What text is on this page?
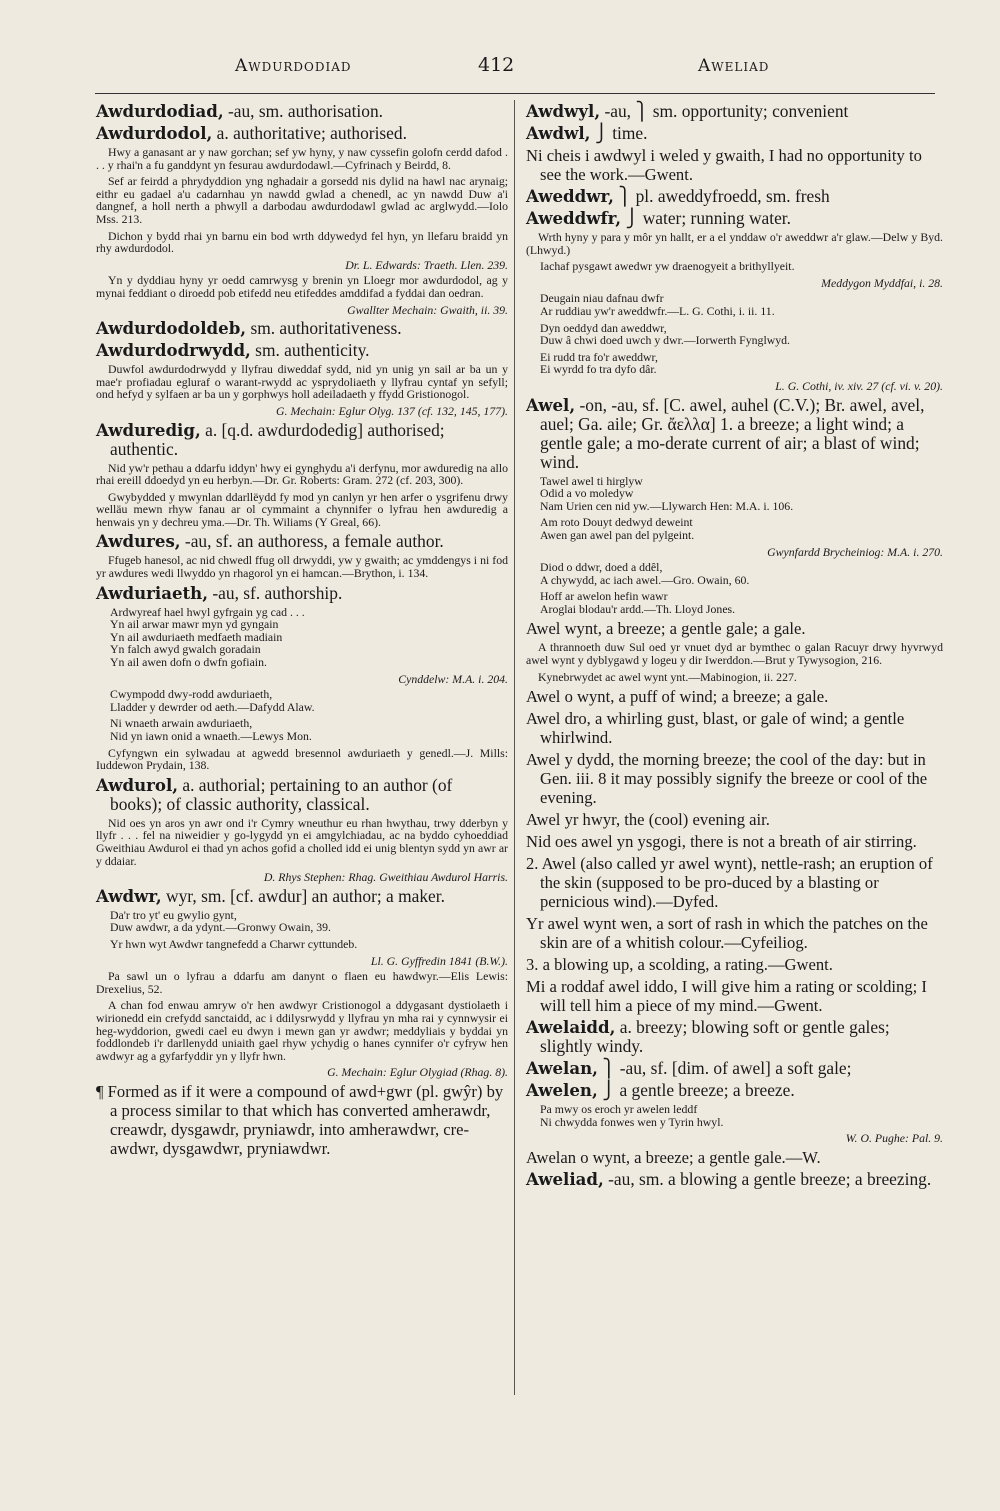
Awdurdodiad	412	Aweliad
Awdurdodiad, -au, sm. authorisation.
Awdurdodol, a. authoritative; authorised.
Hwy a ganasant ar y naw gorchan; sef yw hyny, y naw cyssefin golofn cerdd dafod . . . y rhai'n a fu ganddynt yn fesurau awdurdodawl.—Cyfrinach y Beirdd, 8.
Sef ar feirdd a phrydyddion yng nghadair a gorsedd nis dylid na hawl nac arynaig; eithr eu gadael a'u cadarnhau yn nawdd gwlad a chenedl, ac yn nawdd Duw a'i dangnef, a holl nerth a phwyll a darbodau awdurdodawl gwlad ac arglwydd.—Iolo Mss. 213.
Dichon y bydd rhai yn barnu ein bod wrth ddywedyd fel hyn, yn llefaru braidd yn rhy awdurdodol.
Dr. L. Edwards: Traeth. Llen. 239.
Yn y dyddiau hyny yr oedd camrwysg y brenin yn Lloegr mor awdurdodol, ag y mynai feddiant o diroedd pob etifedd neu etifeddes amddifad a fyddai dan oedran.
Gwallter Mechain: Gwaith, ii. 39.
Awdurdodoldeb, sm. authoritativeness.
Awdurdodrwydd, sm. authenticity.
Duwfol awdurdodrwydd y llyfrau diweddaf sydd, nid yn unig yn sail ar ba un y mae'r profiadau egluraf o warant-rwydd ac ysprydoliaeth y llyfrau cyntaf yn sefyll; ond hefyd y sylfaen ar ba un y gorphwys holl adeiladaeth y ffydd Gristionogol.
G. Mechain: Eglur Olyg. 137 (cf. 132, 145, 177).
Awduredig, a. [q.d. awdurdodedig] authorised; authentic.
Nid yw'r pethau a ddarfu iddyn' hwy ei gynghydu a'i derfynu, mor awduredig na allo rhai ereill ddoedyd yn eu herbyn.—Dr. Gr. Roberts: Gram. 272 (cf. 203, 300).
Gwybydded y mwynlan ddarllëydd fy mod yn canlyn yr hen arfer o ysgrifenu drwy welläu mewn rhyw fanau ar ol cymmaint a chynnifer o lyfrau hen awduredig a henwais yn y dechreu yma.—Dr. Th. Wiliams (Y Greal, 66).
Awdures, -au, sf. an authoress, a female author.
Ffugeb hanesol, ac nid chwedl ffug oll drwyddi, yw y gwaith; ac ymddengys i ni fod yr awdures wedi llwyddo yn rhagorol yn ei hamcan.—Brython, i. 134.
Awduriaeth, -au, sf. authorship.
Ardwyreaf hael hwyl gyfrgain yg cad . . .
Yn ail arwar mawr myn yd gyngain
Yn ail awduriaeth medfaeth madiain
Yn falch awyd gwalch goradain
Yn ail awen dofn o dwfn gofiain.
Cynddelw: M.A. i. 204.
Cwympodd dwy-rodd awduriaeth,
Lladder y dewrder od aeth.—Dafydd Alaw.
Ni wnaeth arwain awduriaeth,
Nid yn iawn onid a wnaeth.—Lewys Mon.
Cyfyngwn ein sylwadau at agwedd bresennol awduriaeth y genedl.—J. Mills: Iuddewon Prydain, 138.
Awdurol, a. authorial; pertaining to an author (of books); of classic authority, classical.
Nid oes yn aros yn awr ond i'r Cymry wneuthur eu rhan hwythau, trwy dderbyn y llyfr . . . fel na niweidier y go-lygydd yn ei amgylchiadau, ac na byddo cyhoeddiad Gweithiau Awdurol ei thad yn achos gofid a cholled idd ei unig blentyn sydd yn awr ar y ddaiar.
D. Rhys Stephen: Rhag. Gweithiau Awdurol Harris.
Awdwr, wyr, sm. [cf. awdur] an author; a maker.
Da'r tro yt' eu gwylio gynt,
Duw awdwr, a da ydynt.—Gronwy Owain, 39.
Yr hwn wyt Awdwr tangnefedd a Charwr cyttundeb.
Ll. G. Gyffredin 1841 (B.W.).
Pa sawl un o lyfrau a ddarfu am danynt o flaen eu hawdwyr.—Elis Lewis: Drexelius, 52.
A chan fod enwau amryw o'r hen awdwyr Cristionogol a ddygasant dystiolaeth i wirionedd ein crefydd sanctaidd, ac i ddilysrwydd y llyfrau yn mha rai y cynnwysir ei heg-wyddorion, gwedi cael eu dwyn i mewn gan yr awdwr; meddyliais y byddai yn foddlondeb i'r darllenydd uniaith gael rhyw ychydig o hanes cynnifer o'r cyfryw hen awdwyr ag a gyfarfyddir yn y llyfr hwn.
G. Mechain: Eglur Olygiad (Rhag. 8).
¶ Formed as if it were a compound of awd+gwr (pl. gwŷr) by a process similar to that which has converted amherawdr, creawdr, dysgawdr, pryniawdr, into amherawdwr, cre-awdwr, dysgawdwr, pryniawdwr.
Awdwyl, -au, ⎫ sm. opportunity; convenient
Awdwl, ⎭ time.
Ni cheis i awdwyl i weled y gwaith, I had no opportunity to see the work.—Gwent.
Aweddwr, ⎫ pl. aweddyfroedd, sm. fresh
Aweddwfr, ⎭ water; running water.
Wrth hyny y para y môr yn hallt, er a el ynddaw o'r aweddwr a'r glaw.—Delw y Byd. (Lhwyd.)
Iachaf pysgawt awedwr yw draenogyeit a brithyllyeit.
Meddygon Myddfai, i. 28.
Deugain niau dafnau dwfr
Ar ruddiau yw'r aweddwfr.—L. G. Cothi, i. ii. 11.
Dyn oeddyd dan aweddwr,
Duw â chwi doed uwch y dwr.—Iorwerth Fynglwyd.
Ei rudd tra fo'r aweddwr,
Ei wyrdd fo tra dyfo dâr.
L. G. Cothi, iv. xiv. 27 (cf. vi. v. 20).
Awel, -on, -au, sf. [C. awel, auhel (C.V.); Br. awel, avel, auel; Ga. aile; Gr. ἄελλα] 1. a breeze; a light wind; a gentle gale; a mo-derate current of air; a blast of wind; wind.
Tawel awel ti hirglyw
Odid a vo moledyw
Nam Urien cen nid yw.—Llywarch Hen: M.A. i. 106.
Am roto Douyt dedwyd deweint
Awen gan awel pan del pylgeint.
Gwynfardd Brycheiniog: M.A. i. 270.
Diod o ddwr, doed a ddêl,
A chywydd, ac iach awel.—Gro. Owain, 60.
Hoff ar awelon hefin wawr
Aroglai blodau'r ardd.—Th. Lloyd Jones.
Awel wynt, a breeze; a gentle gale; a gale.
A thrannoeth duw Sul oed yr vnuet dyd ar bymthec o galan Racuyr drwy hyvrwyd awel wynt y dyblygawd y logeu y dir Iwerddon.—Brut y Tywysogion, 216.
Kynebrwydet ac awel wynt ynt.—Mabinogion, ii. 227.
Awel o wynt, a puff of wind; a breeze; a gale.
Awel dro, a whirling gust, blast, or gale of wind; a gentle whirlwind.
Awel y dydd, the morning breeze; the cool of the day: but in Gen. iii. 8 it may possibly signify the breeze or cool of the evening.
Awel yr hwyr, the (cool) evening air.
Nid oes awel yn ysgogi, there is not a breath of air stirring.
2. Awel (also called yr awel wynt), nettle-rash; an eruption of the skin (supposed to be pro-duced by a blasting or pernicious wind).—Dyfed.
Yr awel wynt wen, a sort of rash in which the patches on the skin are of a whitish colour.—Cyfeiliog.
3. a blowing up, a scolding, a rating.—Gwent.
Mi a roddaf awel iddo, I will give him a rating or scolding; I will tell him a piece of my mind.—Gwent.
Awelaidd, a. breezy; blowing soft or gentle gales; slightly windy.
Awelan, ⎫ -au, sf. [dim. of awel] a soft gale;
Awelen, ⎭ a gentle breeze; a breeze.
Pa mwy os eroch yr awelen leddf
Ni chwydda fonwes wen y Tyrin hwyl.
W. O. Pughe: Pal. 9.
Awelan o wynt, a breeze; a gentle gale.—W.
Aweliad, -au, sm. a blowing a gentle breeze; a breezing.
